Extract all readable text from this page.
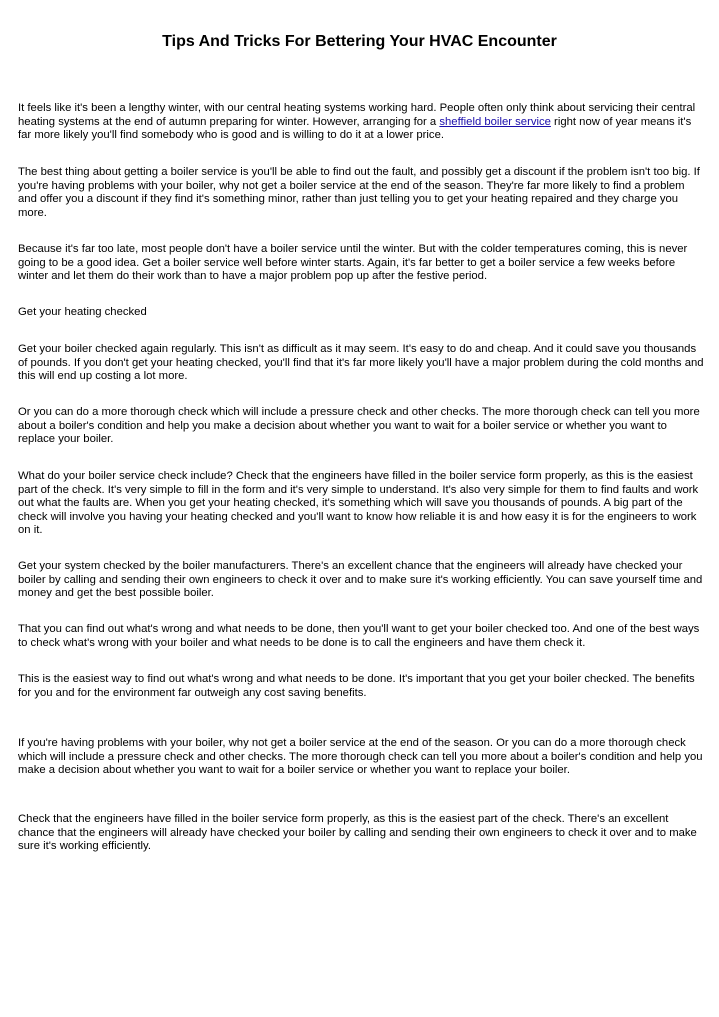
Tips And Tricks For Bettering Your HVAC Encounter

It feels like it's been a lengthy winter, with our central heating systems working hard. People often only think about servicing their central heating systems at the end of autumn preparing for winter. However, arranging for a sheffield boiler service right now of year means it's far more likely you'll find somebody who is good and is willing to do it at a lower price.

The best thing about getting a boiler service is you'll be able to find out the fault, and possibly get a discount if the problem isn't too big. If you're having problems with your boiler, why not get a boiler service at the end of the season. They're far more likely to find a problem and offer you a discount if they find it's something minor, rather than just telling you to get your heating repaired and they charge you more.

Because it's far too late, most people don't have a boiler service until the winter. But with the colder temperatures coming, this is never going to be a good idea. Get a boiler service well before winter starts. Again, it's far better to get a boiler service a few weeks before winter and let them do their work than to have a major problem pop up after the festive period.

Get your heating checked

Get your boiler checked again regularly. This isn't as difficult as it may seem. It's easy to do and cheap. And it could save you thousands of pounds. If you don't get your heating checked, you'll find that it's far more likely you'll have a major problem during the cold months and this will end up costing a lot more.

Or you can do a more thorough check which will include a pressure check and other checks. The more thorough check can tell you more about a boiler's condition and help you make a decision about whether you want to wait for a boiler service or whether you want to replace your boiler.

What do your boiler service check include? Check that the engineers have filled in the boiler service form properly, as this is the easiest part of the check. It's very simple to fill in the form and it's very simple to understand. It's also very simple for them to find faults and work out what the faults are. When you get your heating checked, it's something which will save you thousands of pounds. A big part of the check will involve you having your heating checked and you'll want to know how reliable it is and how easy it is for the engineers to work on it.

Get your system checked by the boiler manufacturers. There's an excellent chance that the engineers will already have checked your boiler by calling and sending their own engineers to check it over and to make sure it's working efficiently. You can save yourself time and money and get the best possible boiler.

That you can find out what's wrong and what needs to be done, then you'll want to get your boiler checked too. And one of the best ways to check what's wrong with your boiler and what needs to be done is to call the engineers and have them check it.

This is the easiest way to find out what's wrong and what needs to be done. It's important that you get your boiler checked. The benefits for you and for the environment far outweigh any cost saving benefits.

If you're having problems with your boiler, why not get a boiler service at the end of the season. Or you can do a more thorough check which will include a pressure check and other checks. The more thorough check can tell you more about a boiler's condition and help you make a decision about whether you want to wait for a boiler service or whether you want to replace your boiler.

Check that the engineers have filled in the boiler service form properly, as this is the easiest part of the check. There's an excellent chance that the engineers will already have checked your boiler by calling and sending their own engineers to check it over and to make sure it's working efficiently.
